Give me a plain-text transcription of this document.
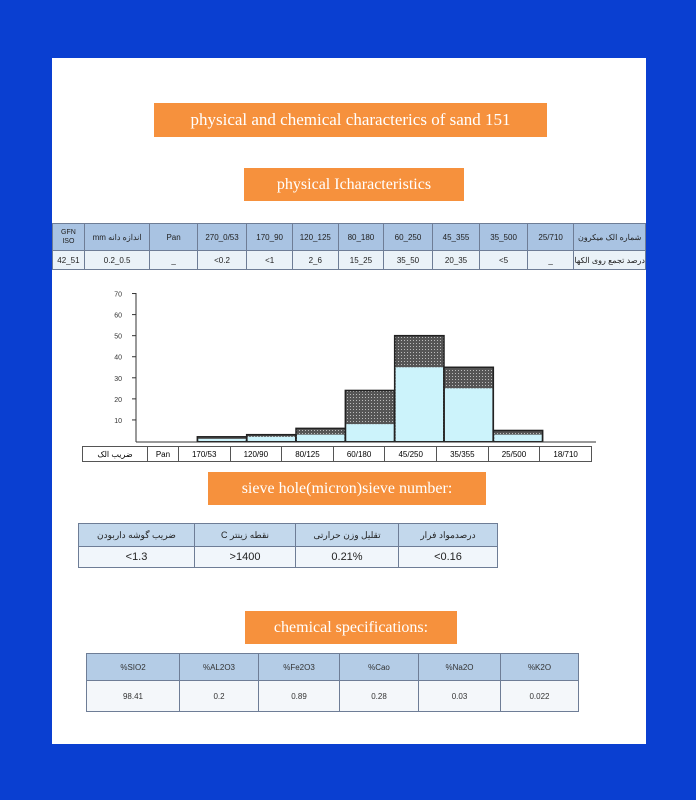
physical and chemical characterics of sand 151
physical Icharacteristics
GFN
ISO	اندازه دانه mm	Pan	270_0/53	170_90	120_125	80_180	60_250	45_355	35_500	25/710	شماره الک میکرون
42_51	0.2_0.5	_	<0.2	<1	2_6	15_25	35_50	20_35	<5	_	درصد تجمع روی الکها
10
20
30
40
50
60
70
ضریب الک	Pan	170/53	120/90	80/125	60/180	45/250	35/355	25/500	18/710
sieve hole(micron)sieve number:
ضریب گوشه داربودن	نقطه زینتر C	تقلیل وزن حرارتی	درصدمواد فرار
<1.3	>1400	0.21%	<0.16
chemical specifications:
%SIO2	%AL2O3	%Fe2O3	%Cao	%Na2O	%K2O
98.41	0.2	0.89	0.28	0.03	0.022
